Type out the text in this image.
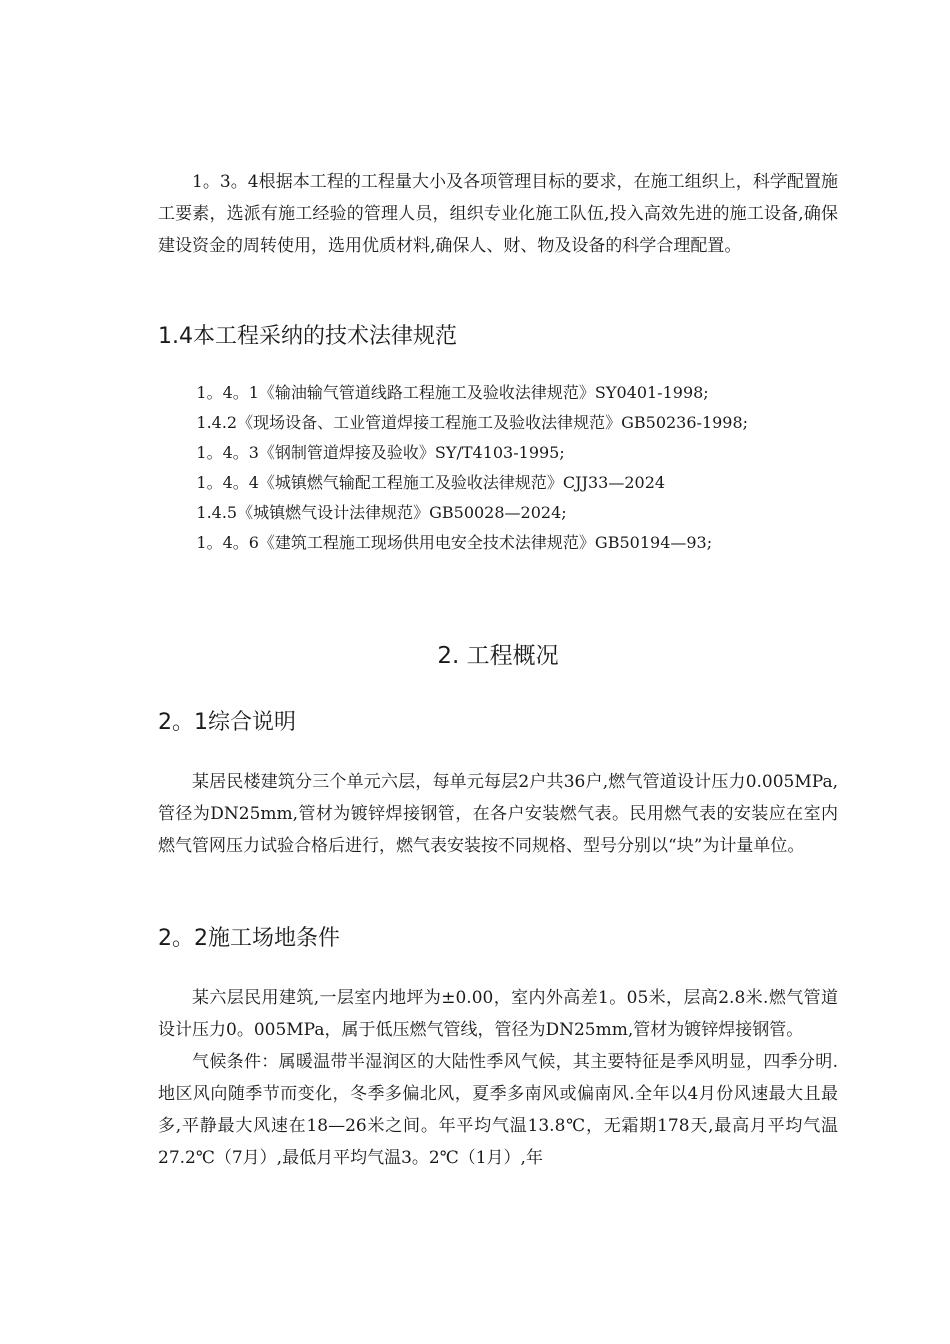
1。3。4根据本工程的工程量大小及各项管理目标的要求，在施工组织上，科学配置施工要素，选派有施工经验的管理人员，组织专业化施工队伍,投入高效先进的施工设备,确保建设资金的周转使用，选用优质材料,确保人、财、物及设备的科学合理配置。

1.4本工程采纳的技术法律规范

1。4。1《输油输气管道线路工程施工及验收法律规范》SY0401-1998;

1.4.2《现场设备、工业管道焊接工程施工及验收法律规范》GB50236-1998;

1。4。3《钢制管道焊接及验收》SY/T4103-1995;

1。4。4《城镇燃气输配工程施工及验收法律规范》CJJ33—2024

1.4.5《城镇燃气设计法律规范》GB50028—2024;

1。4。6《建筑工程施工现场供用电安全技术法律规范》GB50194—93;

2. 工程概况
2。1综合说明

某居民楼建筑分三个单元六层，每单元每层2户共36户,燃气管道设计压力0.005MPa,管径为DN25mm,管材为镀锌焊接钢管，在各户安装燃气表。民用燃气表的安装应在室内燃气管网压力试验合格后进行，燃气表安装按不同规格、型号分别以“块”为计量单位。

2。2施工场地条件

某六层民用建筑,一层室内地坪为±0.00，室内外高差1。05米，层高2.8米.燃气管道设计压力0。005MPa，属于低压燃气管线，管径为DN25mm,管材为镀锌焊接钢管。

气候条件：属暖温带半湿润区的大陆性季风气候，其主要特征是季风明显，四季分明.地区风向随季节而变化，冬季多偏北风，夏季多南风或偏南风.全年以4月份风速最大且最多,平静最大风速在18—26米之间。年平均气温13.8℃，无霜期178天,最高月平均气温27.2℃（7月）,最低月平均气温3。2℃（1月）,年
